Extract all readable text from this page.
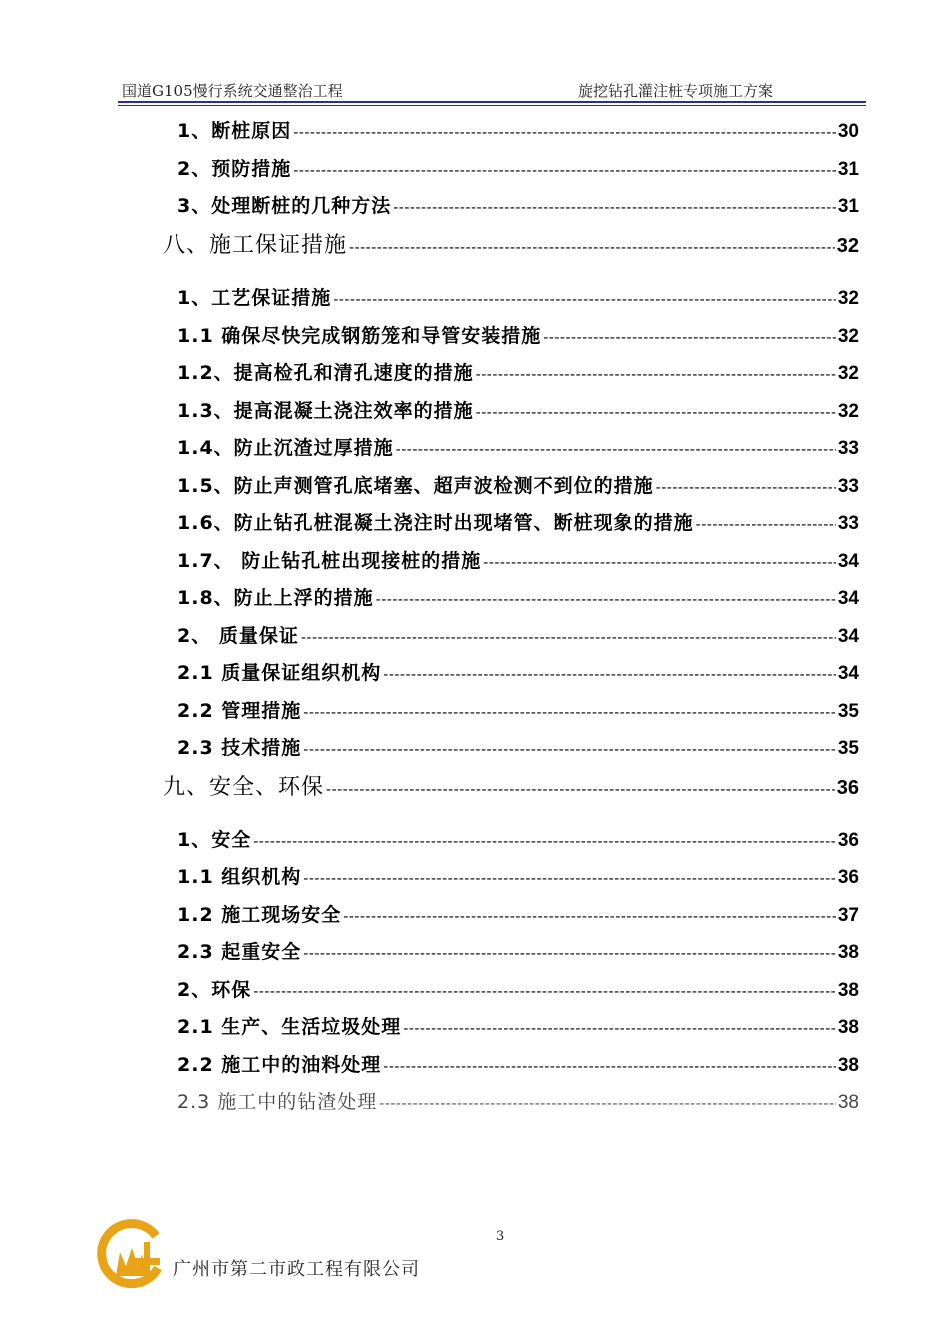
国道G105慢行系统交通整治工程	旋挖钻孔灌注桩专项施工方案
1、断桩原因 -----	30
2、预防措施 -----	31
3、处理断桩的几种方法 -----	31
八、施工保证措施 -----	32
1、工艺保证措施 -----	32
1.1 确保尽快完成钢筋笼和导管安装措施 -----	32
1.2、提高检孔和清孔速度的措施 -----	32
1.3、提高混凝土浇注效率的措施 -----	32
1.4、防止沉渣过厚措施 -----	33
1.5、防止声测管孔底堵塞、超声波检测不到位的措施 -----	33
1.6、防止钻孔桩混凝土浇注时出现堵管、断桩现象的措施 -----	33
1.7、 防止钻孔桩出现接桩的措施 -----	34
1.8、防止上浮的措施 -----	34
2、 质量保证 -----	34
2.1 质量保证组织机构 -----	34
2.2 管理措施 -----	35
2.3 技术措施 -----	35
九、安全、环保 -----	36
1、安全 -----	36
1.1 组织机构 -----	36
1.2 施工现场安全 -----	37
2.3 起重安全 -----	38
2、环保 -----	38
2.1 生产、生活垃圾处理 -----	38
2.2 施工中的油料处理 -----	38
2.3 施工中的钻渣处理 -----	38
3
广州市第二市政工程有限公司
